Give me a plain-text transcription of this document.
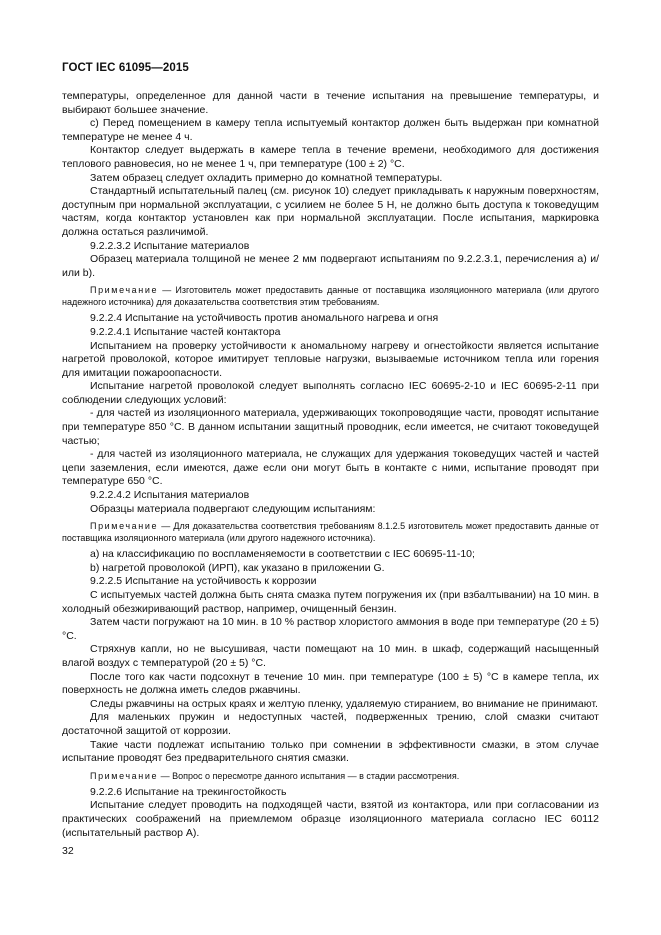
ГОСТ IEC 61095—2015

температуры, определенное для данной части в течение испытания на превышение температуры, и выбирают большее значение.

c) Перед помещением в камеру тепла испытуемый контактор должен быть выдержан при комнатной температуре не менее 4 ч.

Контактор следует выдержать в камере тепла в течение времени, необходимого для достижения теплового равновесия, но не менее 1 ч, при температуре (100 ± 2) °С.

Затем образец следует охладить примерно до комнатной температуры.

Стандартный испытательный палец (см. рисунок 10) следует прикладывать к наружным поверхностям, доступным при нормальной эксплуатации, с усилием не более 5 Н, не должно быть доступа к токоведущим частям, когда контактор установлен как при нормальной эксплуатации. После испытания, маркировка должна остаться различимой.

9.2.2.3.2 Испытание материалов

Образец материала толщиной не менее 2 мм подвергают испытаниям по 9.2.2.3.1, перечисления а) и/или b).

Примечание — Изготовитель может предоставить данные от поставщика изоляционного материала (или другого надежного источника) для доказательства соответствия этим требованиям.

9.2.2.4 Испытание на устойчивость против аномального нагрева и огня

9.2.2.4.1 Испытание частей контактора

Испытанием на проверку устойчивости к аномальному нагреву и огнестойкости является испытание нагретой проволокой, которое имитирует тепловые нагрузки, вызываемые источником тепла или горения для имитации пожароопасности.

Испытание нагретой проволокой следует выполнять согласно IEC 60695-2-10 и IEC 60695-2-11 при соблюдении следующих условий:

- для частей из изоляционного материала, удерживающих токопроводящие части, проводят испытание при температуре 850 °С. В данном испытании защитный проводник, если имеется, не считают токоведущей частью;

- для частей из изоляционного материала, не служащих для удержания токоведущих частей и частей цепи заземления, если имеются, даже если они могут быть в контакте с ними, испытание проводят при температуре 650 °С.

9.2.2.4.2 Испытания материалов

Образцы материала подвергают следующим испытаниям:

Примечание — Для доказательства соответствия требованиям 8.1.2.5 изготовитель может предоставить данные от поставщика изоляционного материала (или другого надежного источника).

а) на классификацию по воспламеняемости в соответствии с IEC 60695-11-10;

b) нагретой проволокой (ИРП), как указано в приложении G.

9.2.2.5 Испытание на устойчивость к коррозии

С испытуемых частей должна быть снята смазка путем погружения их (при взбалтывании) на 10 мин. в холодный обезжиривающий раствор, например, очищенный бензин.

Затем части погружают на 10 мин. в 10 % раствор хлористого аммония в воде при температуре (20 ± 5) °С.

Стряхнув капли, но не высушивая, части помещают на 10 мин. в шкаф, содержащий насыщенный влагой воздух с температурой (20 ± 5) °С.

После того как части подсохнут в течение 10 мин. при температуре (100 ± 5) °С в камере тепла, их поверхность не должна иметь следов ржавчины.

Следы ржавчины на острых краях и желтую пленку, удаляемую стиранием, во внимание не принимают.

Для маленьких пружин и недоступных частей, подверженных трению, слой смазки считают достаточной защитой от коррозии.

Такие части подлежат испытанию только при сомнении в эффективности смазки, в этом случае испытание проводят без предварительного снятия смазки.

Примечание — Вопрос о пересмотре данного испытания — в стадии рассмотрения.

9.2.2.6 Испытание на трекингостойкость

Испытание следует проводить на подходящей части, взятой из контактора, или при согласовании из практических соображений на приемлемом образце изоляционного материала согласно IEC 60112 (испытательный раствор А).

32
